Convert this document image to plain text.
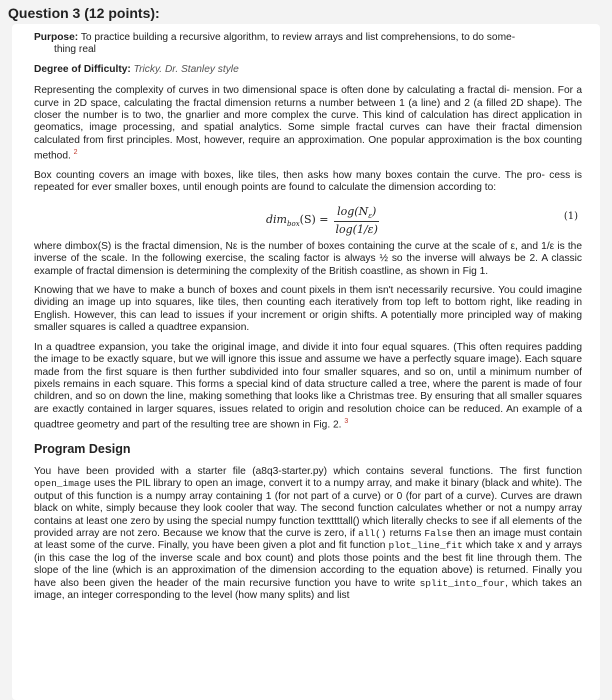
Question 3 (12 points):

Purpose: To practice building a recursive algorithm, to review arrays and list comprehensions, to do some-
thing real

Degree of Difficulty: Tricky. Dr. Stanley style

Representing the complexity of curves in two dimensional space is often done by calculating a fractal di- mension. For a curve in 2D space, calculating the fractal dimension returns a number between 1 (a line) and 2 (a filled 2D shape). The closer the number is to two, the gnarlier and more complex the curve. This kind of calculation has direct application in geomatics, image processing, and spatial analytics. Some simple fractal curves can have their fractal dimension calculated from first principles. Most, however, require an approximation. One popular approximation is the box counting method. $^2$

Box counting covers an image with boxes, like tiles, then asks how many boxes contain the curve. The pro- cess is repeated for ever smaller boxes, until enough points are found to calculate the dimension according to:

$dim_{box}(S) = \frac{\log(N_\varepsilon)}{\log(1/\varepsilon)}$	(1)

where dimbox(S) is the fractal dimension, Nε is the number of boxes containing the curve at the scale of ε, and 1/ε is the inverse of the scale. In the following exercise, the scaling factor is always ½ so the inverse will always be 2. A classic example of fractal dimension is determining the complexity of the British coastline, as shown in Fig 1.

Knowing that we have to make a bunch of boxes and count pixels in them isn't necessarily recursive. You could imagine dividing an image up into squares, like tiles, then counting each iteratively from top left to bottom right, like reading in English. However, this can lead to issues if your increment or origin shifts. A potentially more principled way of making smaller squares is called a quadtree expansion.

In a quadtree expansion, you take the original image, and divide it into four equal squares. (This often requires padding the image to be exactly square, but we will ignore this issue and assume we have a perfectly square image). Each square made from the first square is then further subdivided into four smaller squares, and so on, until a minimum number of pixels remains in each square. This forms a special kind of data structure called a tree, where the parent is made of four children, and so on down the line, making something that looks like a Christmas tree. By ensuring that all smaller squares are exactly contained in larger squares, issues related to origin and resolution choice can be reduced. An example of a quadtree geometry and part of the resulting tree are shown in Fig. 2. $^3$

Program Design

You have been provided with a starter file (a8q3-starter.py) which contains several functions. The first function open_image uses the PIL library to open an image, convert it to a numpy array, and make it binary (black and white). The output of this function is a numpy array containing 1 (for not part of a curve) or 0 (for part of a curve). Curves are drawn black on white, simply because they look cooler that way. The second function calculates whether or not a numpy array contains at least one zero by using the special numpy function texttttall() which literally checks to see if all elements of the provided array are not zero. Because we know that the curve is zero, if all() returns False then an image must contain at least some of the curve. Finally, you have been given a plot and fit function plot_line_fit which take x and y arrays (in this case the log of the inverse scale and box count) and plots those points and the best fit line through them. The slope of the line (which is an approximation of the dimension according to the equation above) is returned. Finally you have also been given the header of the main recursive function you have to write split_into_four, which takes an image, an integer corresponding to the level (how many splits) and list
